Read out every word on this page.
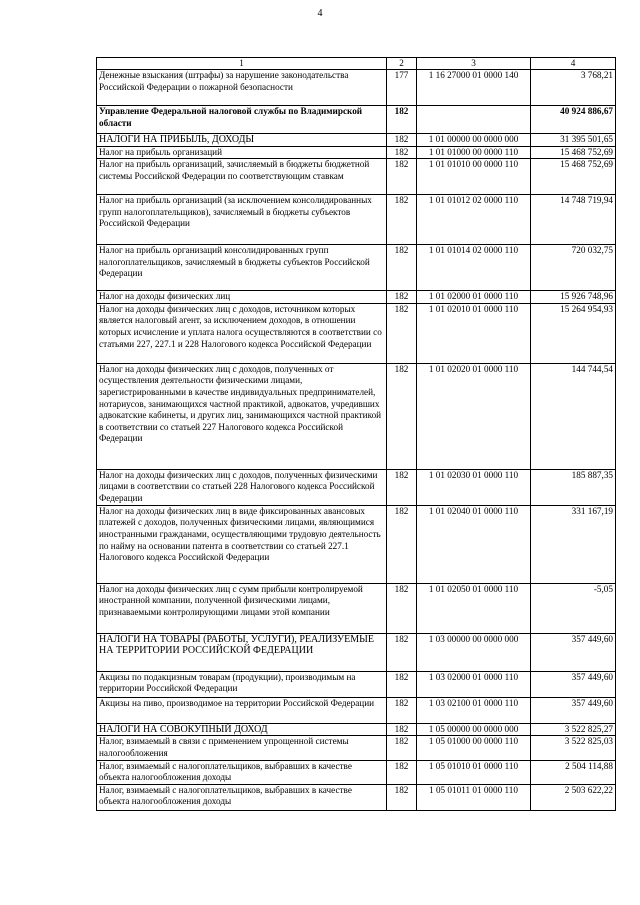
4
1	2	3	4
Денежные взыскания (штрафы) за нарушение законодательства Российской Федерации о пожарной безопасности	177	1 16 27000 01 0000 140	3 768,21
Управление Федеральной налоговой службы по Владимирской области	182		40 924 886,67
НАЛОГИ НА ПРИБЫЛЬ, ДОХОДЫ	182	1 01 00000 00 0000 000	31 395 501,65
Налог на прибыль организаций	182	1 01 01000 00 0000 110	15 468 752,69
Налог на прибыль организаций, зачисляемый в бюджеты бюджетной системы Российской Федерации по соответствующим ставкам	182	1 01 01010 00 0000 110	15 468 752,69
Налог на прибыль организаций (за исключением консолидированных групп налогоплательщиков), зачисляемый в бюджеты субъектов Российской Федерации	182	1 01 01012 02 0000 110	14 748 719,94
Налог на прибыль организаций консолидированных групп налогоплательщиков, зачисляемый в бюджеты субъектов Российской Федерации	182	1 01 01014 02 0000 110	720 032,75
Налог на доходы физических лиц	182	1 01 02000 01 0000 110	15 926 748,96
Налог на доходы физических лиц с доходов, источником которых является налоговый агент, за исключением доходов, в отношении которых исчисление и уплата налога осуществляются в соответствии со статьями 227, 227.1 и 228 Налогового кодекса Российской Федерации	182	1 01 02010 01 0000 110	15 264 954,93
Налог на доходы физических лиц с доходов, полученных от осуществления деятельности физическими лицами, зарегистрированными в качестве индивидуальных предпринимателей, нотариусов, занимающихся частной практикой, адвокатов, учредивших адвокатские кабинеты, и других лиц, занимающихся частной практикой в соответствии со статьей 227 Налогового кодекса Российской Федерации	182	1 01 02020 01 0000 110	144 744,54
Налог на доходы физических лиц с доходов, полученных физическими лицами в соответствии со статьей 228 Налогового кодекса Российской Федерации	182	1 01 02030 01 0000 110	185 887,35
Налог на доходы физических лиц в виде фиксированных авансовых платежей с доходов, полученных физическими лицами, являющимися иностранными гражданами, осуществляющими трудовую деятельность по найму на основании патента в соответствии со статьей 227.1 Налогового кодекса Российской Федерации	182	1 01 02040 01 0000 110	331 167,19
Налог на доходы физических лиц с сумм прибыли контролируемой иностранной компании, полученной физическими лицами, признаваемыми контролирующими лицами этой компании	182	1 01 02050 01 0000 110	-5,05
НАЛОГИ НА ТОВАРЫ (РАБОТЫ, УСЛУГИ), РЕАЛИЗУЕМЫЕ НА ТЕРРИТОРИИ РОССИЙСКОЙ ФЕДЕРАЦИИ	182	1 03 00000 00 0000 000	357 449,60
Акцизы по подакцизным товарам (продукции), производимым на территории Российской Федерации	182	1 03 02000 01 0000 110	357 449,60
Акцизы на пиво, производимое на территории Российской Федерации	182	1 03 02100 01 0000 110	357 449,60
НАЛОГИ НА СОВОКУПНЫЙ ДОХОД	182	1 05 00000 00 0000 000	3 522 825,27
Налог, взимаемый в связи с применением упрощенной системы налогообложения	182	1 05 01000 00 0000 110	3 522 825,03
Налог, взимаемый с налогоплательщиков, выбравших в качестве объекта налогообложения доходы	182	1 05 01010 01 0000 110	2 504 114,88
Налог, взимаемый с налогоплательщиков, выбравших в качестве объекта налогообложения доходы	182	1 05 01011 01 0000 110	2 503 622,22
